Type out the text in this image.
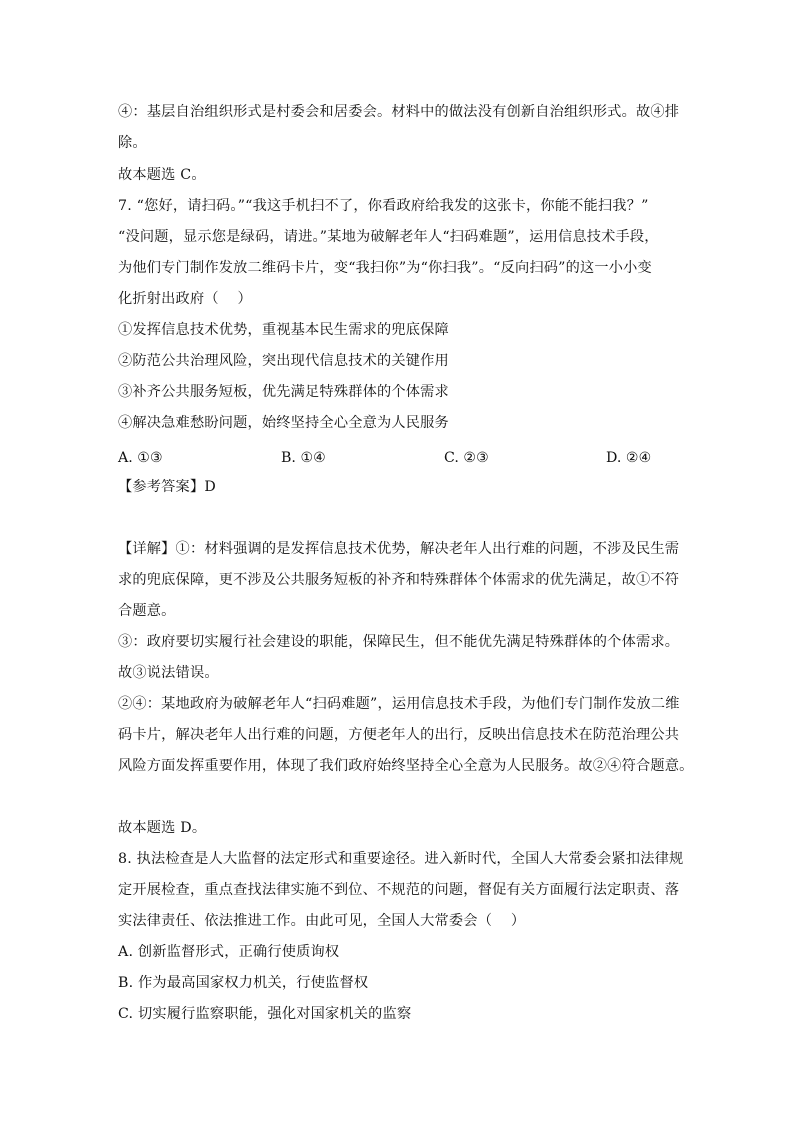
④：基层自治组织形式是村委会和居委会。材料中的做法没有创新自治组织形式。故④排
除。
故本题选 C。
7. “您好，请扫码。”“我这手机扫不了，你看政府给我发的这张卡，你能不能扫我？”
“没问题，显示您是绿码，请进。”某地为破解老年人“扫码难题”，运用信息技术手段，
为他们专门制作发放二维码卡片，变“我扫你”为“你扫我”。“反向扫码”的这一小小变
化折射出政府（    ）
①发挥信息技术优势，重视基本民生需求的兜底保障
②防范公共治理风险，突出现代信息技术的关键作用
③补齐公共服务短板，优先满足特殊群体的个体需求
④解决急难愁盼问题，始终坚持全心全意为人民服务
A. ①③	B. ①④	C. ②③	D. ②④
【参考答案】D
【详解】①：材料强调的是发挥信息技术优势，解决老年人出行难的问题，不涉及民生需
求的兜底保障，更不涉及公共服务短板的补齐和特殊群体个体需求的优先满足，故①不符
合题意。
③：政府要切实履行社会建设的职能，保障民生，但不能优先满足特殊群体的个体需求。
故③说法错误。
②④：某地政府为破解老年人“扫码难题”，运用信息技术手段，为他们专门制作发放二维
码卡片，解决老年人出行难的问题，方便老年人的出行，反映出信息技术在防范治理公共
风险方面发挥重要作用，体现了我们政府始终坚持全心全意为人民服务。故②④符合题意。
故本题选 D。
8. 执法检查是人大监督的法定形式和重要途径。进入新时代，全国人大常委会紧扣法律规
定开展检查，重点查找法律实施不到位、不规范的问题，督促有关方面履行法定职责、落
实法律责任、依法推进工作。由此可见，全国人大常委会（    ）
A. 创新监督形式，正确行使质询权
B. 作为最高国家权力机关，行使监督权
C. 切实履行监察职能，强化对国家机关的监察
